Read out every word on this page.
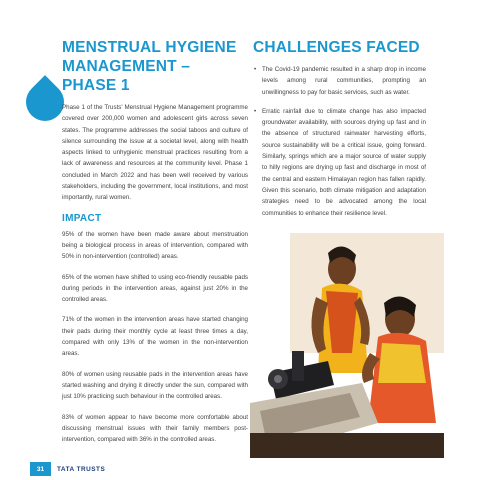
MENSTRUAL HYGIENE
MANAGEMENT – PHASE 1

Phase 1 of the Trusts' Menstrual Hygiene Management programme covered over 200,000 women and adolescent girls across seven states. The programme addresses the social taboos and culture of silence surrounding the issue at a societal level, along with health aspects linked to unhygienic menstrual practices resulting from a lack of awareness and resources at the community level. Phase 1 concluded in March 2022 and has been well received by various stakeholders, including the government, local institutions, and most importantly, rural women.

IMPACT

95% of the women have been made aware about menstruation being a biological process in areas of intervention, compared with 50% in non-intervention (controlled) areas.

65% of the women have shifted to using eco-friendly reusable pads during periods in the intervention areas, against just 20% in the controlled areas.

71% of the women in the intervention areas have started changing their pads during their monthly cycle at least three times a day, compared with only 13% of the women in the non-intervention areas.

80% of women using reusable pads in the intervention areas have started washing and drying it directly under the sun, compared with just 10% practicing such behaviour in the controlled areas.

83% of women appear to have become more comfortable about discussing menstrual issues with their family members post-intervention, compared with 36% in the controlled areas.

CHALLENGES FACED
• The Covid-19 pandemic resulted in a sharp drop in income levels among rural communities, prompting an unwillingness to pay for basic services, such as water.
• Erratic rainfall due to climate change has also impacted groundwater availability, with sources drying up fast and in the absence of structured rainwater harvesting efforts, source sustainability will be a critical issue, going forward. Similarly, springs which are a major source of water supply to hilly regions are drying up fast and discharge in most of the central and eastern Himalayan region has fallen rapidly. Given this scenario, both climate mitigation and adaptation strategies need to be advocated among the local communities to enhance their resilience level.
31	TATA TRUSTS
